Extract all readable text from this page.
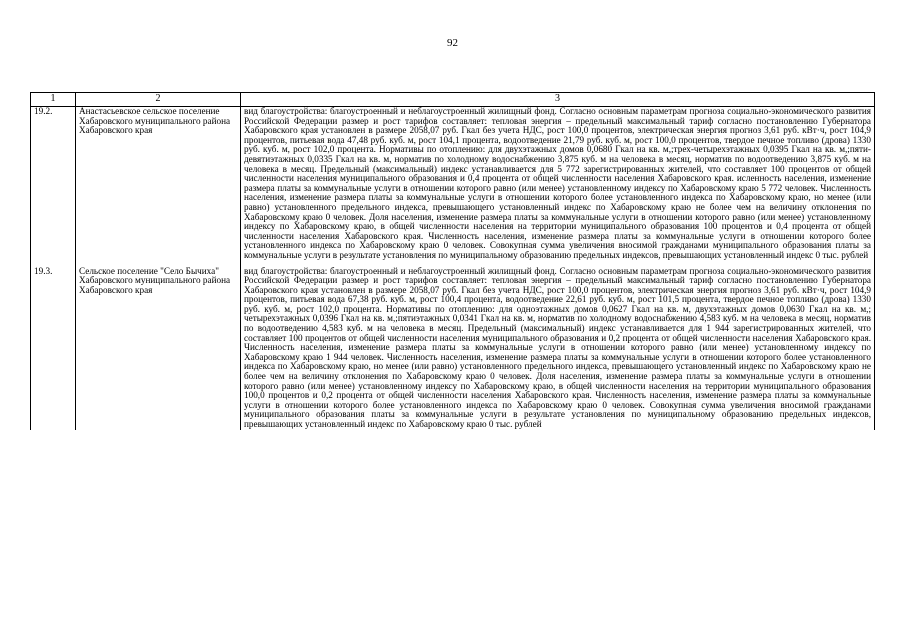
92
1	2	3
19.2.	Анастасьевское сельское поселение Хабаровского муниципального района Хабаровского края	вид благоустройства: благоустроенный и неблагоустроенный жилищный фонд. Согласно основным параметрам прогноза социально-экономического развития Российской Федерации размер и рост тарифов составляет: тепловая энергия – предельный максимальный тариф согласно постановлению Губернатора Хабаровского края установлен в размере 2058,07 руб. Гкал без учета НДС, рост 100,0 процентов, электрическая энергия прогноз 3,61 руб. кВт·ч, рост 104,9 процентов, питьевая вода 47,48 руб. куб. м, рост 104,1 процента, водоотведение 21,79 руб. куб. м, рост 100,0 процентов, твердое печное топливо (дрова) 1330 руб. куб. м, рост 102,0 процента. Нормативы по отоплению: для двухэтажных домов 0,0680 Гкал на кв. м,;трех-четырехэтажных 0,0395 Гкал на кв. м,;пяти-девятиэтажных 0,0335 Гкал на кв. м, норматив по холодному водоснабжению 3,875 куб. м на человека в месяц, норматив по водоотведению 3,875 куб. м на человека в месяц. Предельный (максимальный) индекс устанавливается для 5 772 зарегистрированных жителей, что составляет 100 процентов от общей численности населения муниципального образования и 0,4 процента от общей численности населения Хабаровского края. исленность населения, изменение размера платы за коммунальные услуги в отношении которого равно (или менее) установленному индексу по Хабаровскому краю 5 772 человек. Численность населения, изменение размера платы за коммунальные услуги в отношении которого более установленного индекса по Хабаровскому краю, но менее (или равно) установленного предельного индекса, превышающего установленный индекс по Хабаровскому краю не более чем на величину отклонения по Хабаровскому краю 0 человек. Доля населения, изменение размера платы за коммунальные услуги в отношении которого равно (или менее) установленному индексу по Хабаровскому краю, в общей численности населения на территории муниципального образования 100 процентов и 0,4 процента от общей численности населения Хабаровского края. Численность населения, изменение размера платы за коммунальные услуги в отношении которого более установленного индекса по Хабаровскому краю 0 человек. Совокупная сумма увеличения вносимой гражданами муниципального образования платы за коммунальные услуги в результате установления по муниципальному образованию предельных индексов, превышающих установленный индекс 0 тыс. рублей

19.3.	Сельское поселение "Село Бычиха" Хабаровского муниципального района Хабаровского края	вид благоустройства: благоустроенный и неблагоустроенный жилищный фонд. Согласно основным параметрам прогноза социально-экономического развития Российской Федерации размер и рост тарифов составляет: тепловая энергия – предельный максимальный тариф согласно постановлению Губернатора Хабаровского края установлен в размере 2058,07 руб. Гкал без учета НДС, рост 100,0 процентов, электрическая энергия прогноз 3,61 руб. кВт·ч, рост 104,9 процентов, питьевая вода 67,38 руб. куб. м, рост 100,4 процента, водоотведение 22,61 руб. куб. м, рост 101,5 процента, твердое печное топливо (дрова) 1330 руб. куб. м, рост 102,0 процента. Нормативы по отоплению: для одноэтажных домов 0,0627 Гкал на кв. м, двухэтажных домов 0,0630 Гкал на кв. м,; четырехэтажных 0,0396 Гкал на кв. м,;пятиэтажных 0,0341 Гкал на кв. м, норматив по холодному водоснабжению 4,583 куб. м на человека в месяц, норматив по водоотведению 4,583 куб. м на человека в месяц. Предельный (максимальный) индекс устанавливается для 1 944 зарегистрированных жителей, что составляет 100 процентов от общей численности населения муниципального образования и 0,2 процента от общей численности населения Хабаровского края. Численность населения, изменение размера платы за коммунальные услуги в отношении которого равно (или менее) установленному индексу по Хабаровскому краю 1 944 человек. Численность населения, изменение размера платы за коммунальные услуги в отношении которого более установленного индекса по Хабаровскому краю, но менее (или равно) установленного предельного индекса, превышающего установленный индекс по Хабаровскому краю не более чем на величину отклонения по Хабаровскому краю 0 человек. Доля населения, изменение размера платы за коммунальные услуги в отношении которого равно (или менее) установленному индексу по Хабаровскому краю, в общей численности населения на территории муниципального образования 100,0 процентов и 0,2 процента от общей численности населения Хабаровского края. Численность населения, изменение размера платы за коммунальные услуги в отношении которого более установленного индекса по Хабаровскому краю 0 человек. Совокупная сумма увеличения вносимой гражданами муниципального образования платы за коммунальные услуги в результате установления по муниципальному образованию предельных индексов, превышающих установленный индекс по Хабаровскому краю 0 тыс. рублей
